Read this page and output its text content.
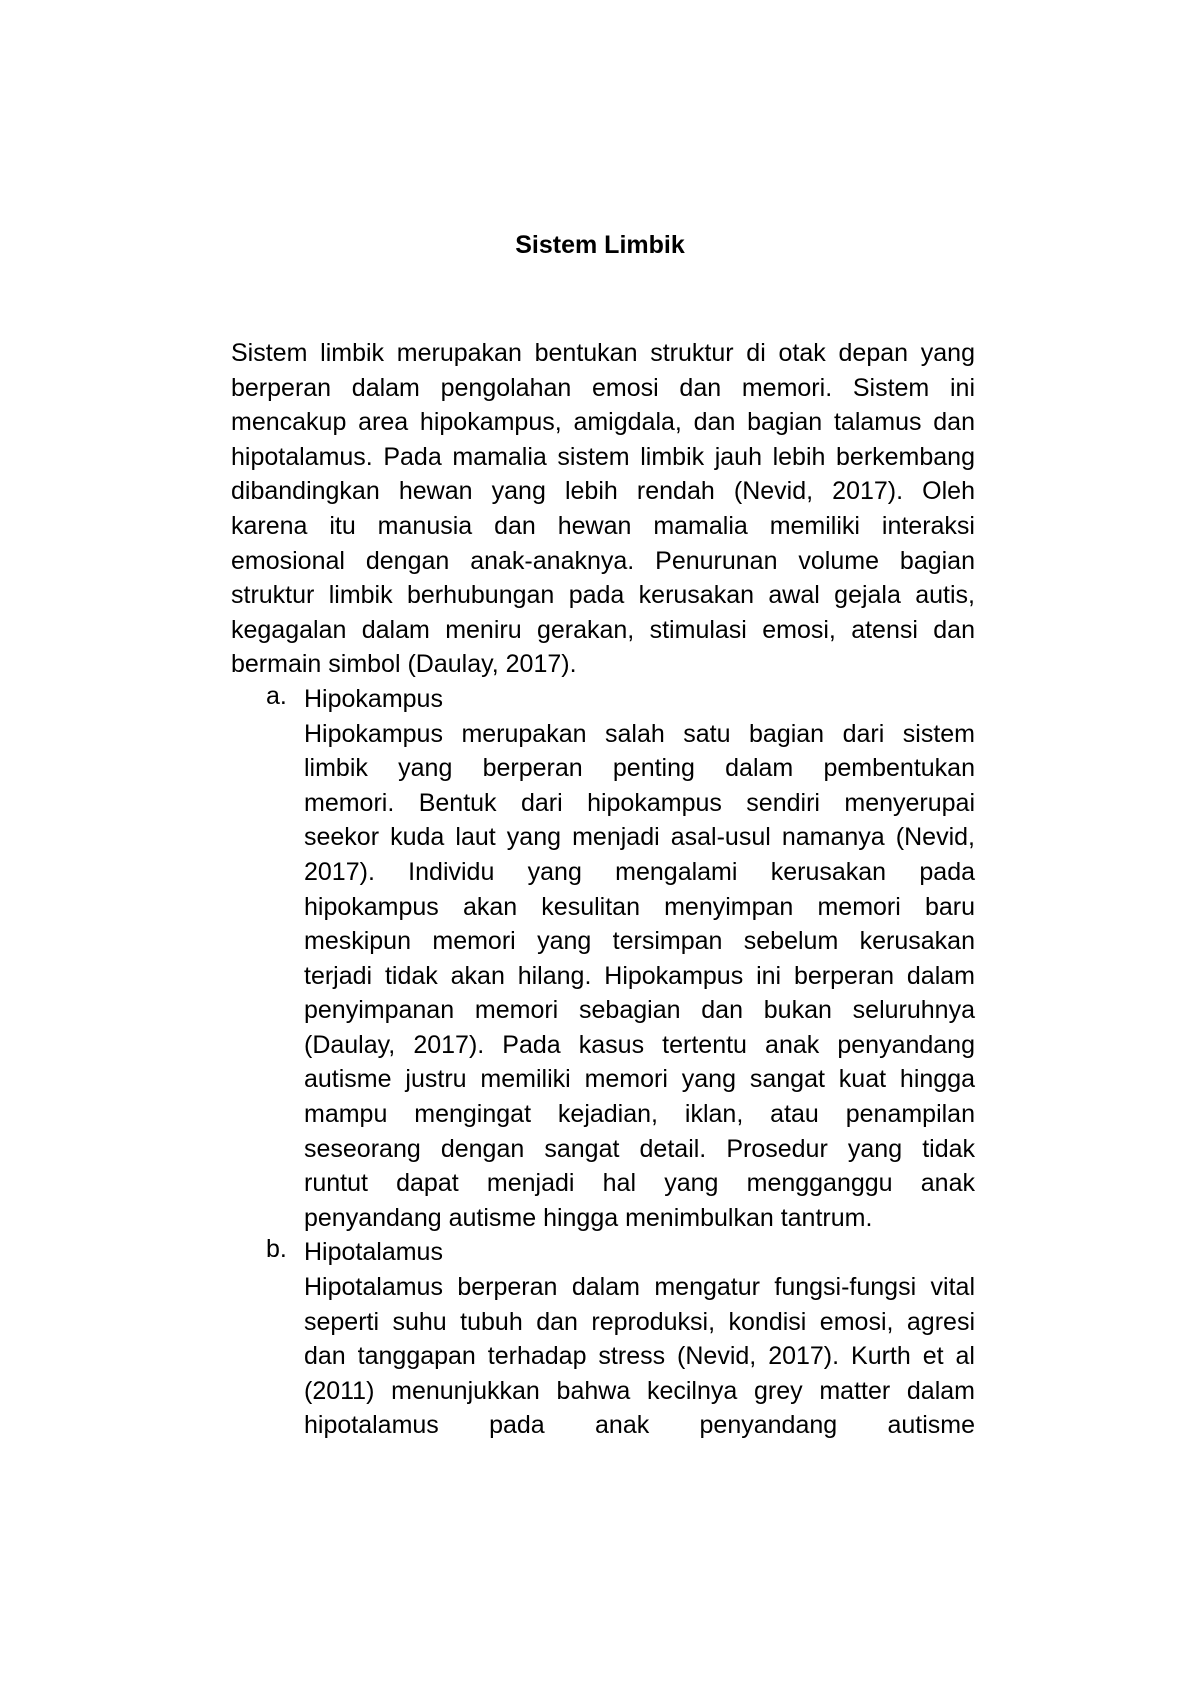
Sistem Limbik
Sistem limbik merupakan bentukan struktur di otak depan yang
berperan dalam pengolahan emosi dan memori. Sistem ini
mencakup area hipokampus, amigdala, dan bagian talamus dan
hipotalamus. Pada mamalia sistem limbik jauh lebih berkembang
dibandingkan hewan yang lebih rendah (Nevid, 2017). Oleh
karena itu manusia dan hewan mamalia memiliki interaksi
emosional dengan anak-anaknya. Penurunan volume bagian
struktur limbik berhubungan pada kerusakan awal gejala autis,
kegagalan dalam meniru gerakan, stimulasi emosi, atensi dan
bermain simbol (Daulay, 2017).
a. Hipokampus
Hipokampus merupakan salah satu bagian dari sistem
limbik yang berperan penting dalam pembentukan
memori. Bentuk dari hipokampus sendiri menyerupai
seekor kuda laut yang menjadi asal-usul namanya (Nevid,
2017). Individu yang mengalami kerusakan pada
hipokampus akan kesulitan menyimpan memori baru
meskipun memori yang tersimpan sebelum kerusakan
terjadi tidak akan hilang. Hipokampus ini berperan dalam
penyimpanan memori sebagian dan bukan seluruhnya
(Daulay, 2017). Pada kasus tertentu anak penyandang
autisme justru memiliki memori yang sangat kuat hingga
mampu mengingat kejadian, iklan, atau penampilan
seseorang dengan sangat detail. Prosedur yang tidak
runtut dapat menjadi hal yang mengganggu anak
penyandang autisme hingga menimbulkan tantrum.
b. Hipotalamus
Hipotalamus berperan dalam mengatur fungsi-fungsi vital
seperti suhu tubuh dan reproduksi, kondisi emosi, agresi
dan tanggapan terhadap stress (Nevid, 2017). Kurth et al
(2011) menunjukkan bahwa kecilnya grey matter dalam
hipotalamus pada anak penyandang autisme
